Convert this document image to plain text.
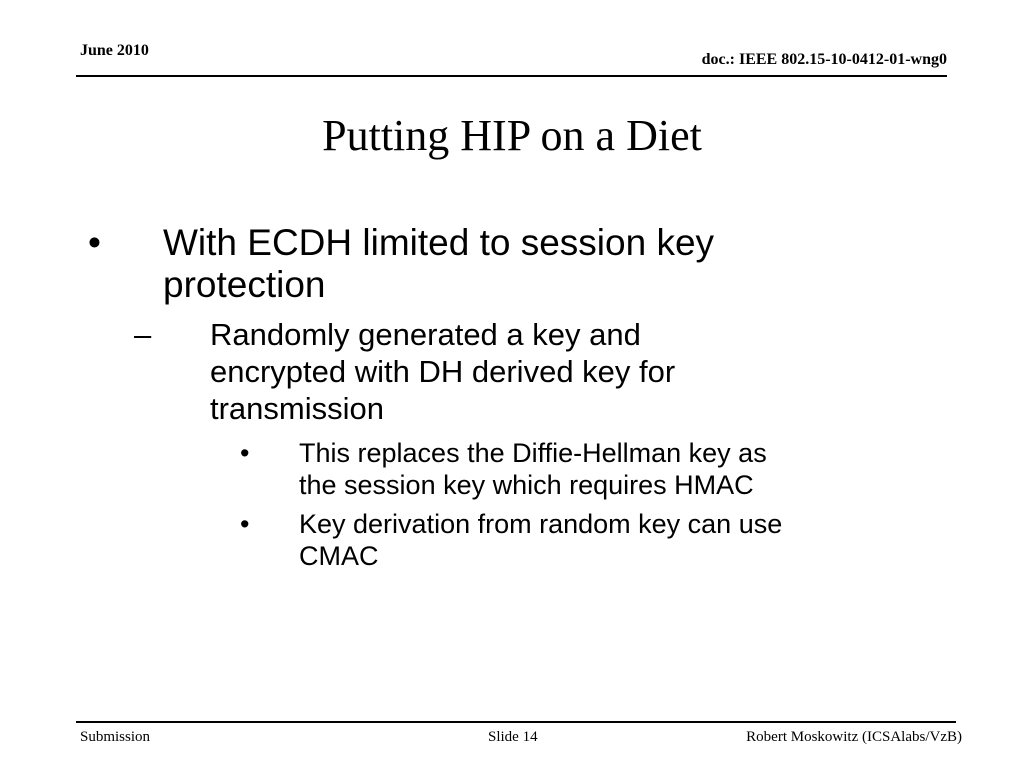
June 2010
doc.: IEEE 802.15-10-0412-01-wng0
Putting HIP on a Diet
• With ECDH limited to session key
protection
– Randomly generated a key and
encrypted with DH derived key for
transmission
• This replaces the Diffie-Hellman key as
the session key which requires HMAC
• Key derivation from random key can use
CMAC
Submission	Slide 14	Robert Moskowitz (ICSAlabs/VzB)
